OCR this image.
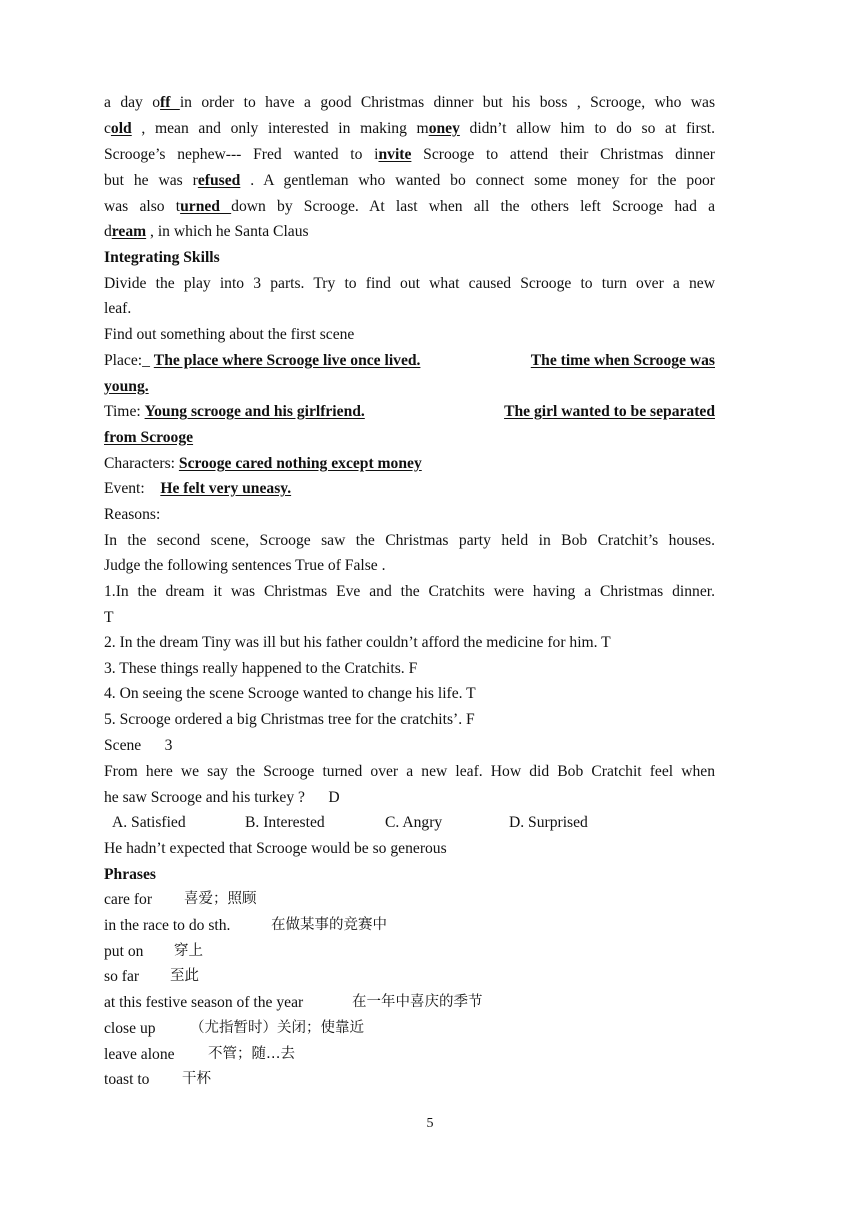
a day off in order to have a good Christmas dinner but his boss , Scrooge, who was
cold , mean and only interested in making money didn’t allow him to do so at first.
Scrooge’s nephew--- Fred wanted to invite Scrooge to attend their Christmas dinner
but he was refused . A gentleman who wanted bo connect some money for the poor
was also turned down by Scrooge. At last when all the others left Scrooge had a
dream , in which he Santa Claus
Integrating Skills
Divide the play into 3 parts. Try to find out what caused Scrooge to turn over a new
leaf.
Find out something about the first scene
Place:_ The place where Scrooge live once lived.	The time when Scrooge was
young.
Time: Young scrooge and his girlfriend.	The girl wanted to be separated
from Scrooge
Characters: Scrooge cared nothing except money
Event:    He felt very uneasy.
Reasons:
In the second scene, Scrooge saw the Christmas party held in Bob Cratchit’s houses.
Judge the following sentences True of False .
1.In the dream it was Christmas Eve and the Cratchits were having a Christmas dinner.
T
2. In the dream Tiny was ill but his father couldn’t afford the medicine for him. T
3. These things really happened to the Cratchits. F
4. On seeing the scene Scrooge wanted to change his life. T
5. Scrooge ordered a big Christmas tree for the cratchits’. F
Scene      3
From here we say the Scrooge turned over a new leaf. How did Bob Cratchit feel when
he saw Scrooge and his turkey ?      D
A. Satisfied	B. Interested	C. Angry	D. Surprised
He hadn’t expected that Scrooge would be so generous
Phrases
care for 喜爱；照顾
in the race to do sth.	在做某事的竞赛中
put on 穿上
so far 至此
at this festive season of the year	在一年中喜庆的季节
close up （尤指暂时）关闭；使靠近
leave alone 不管；随…去
toast to 干杯
5
